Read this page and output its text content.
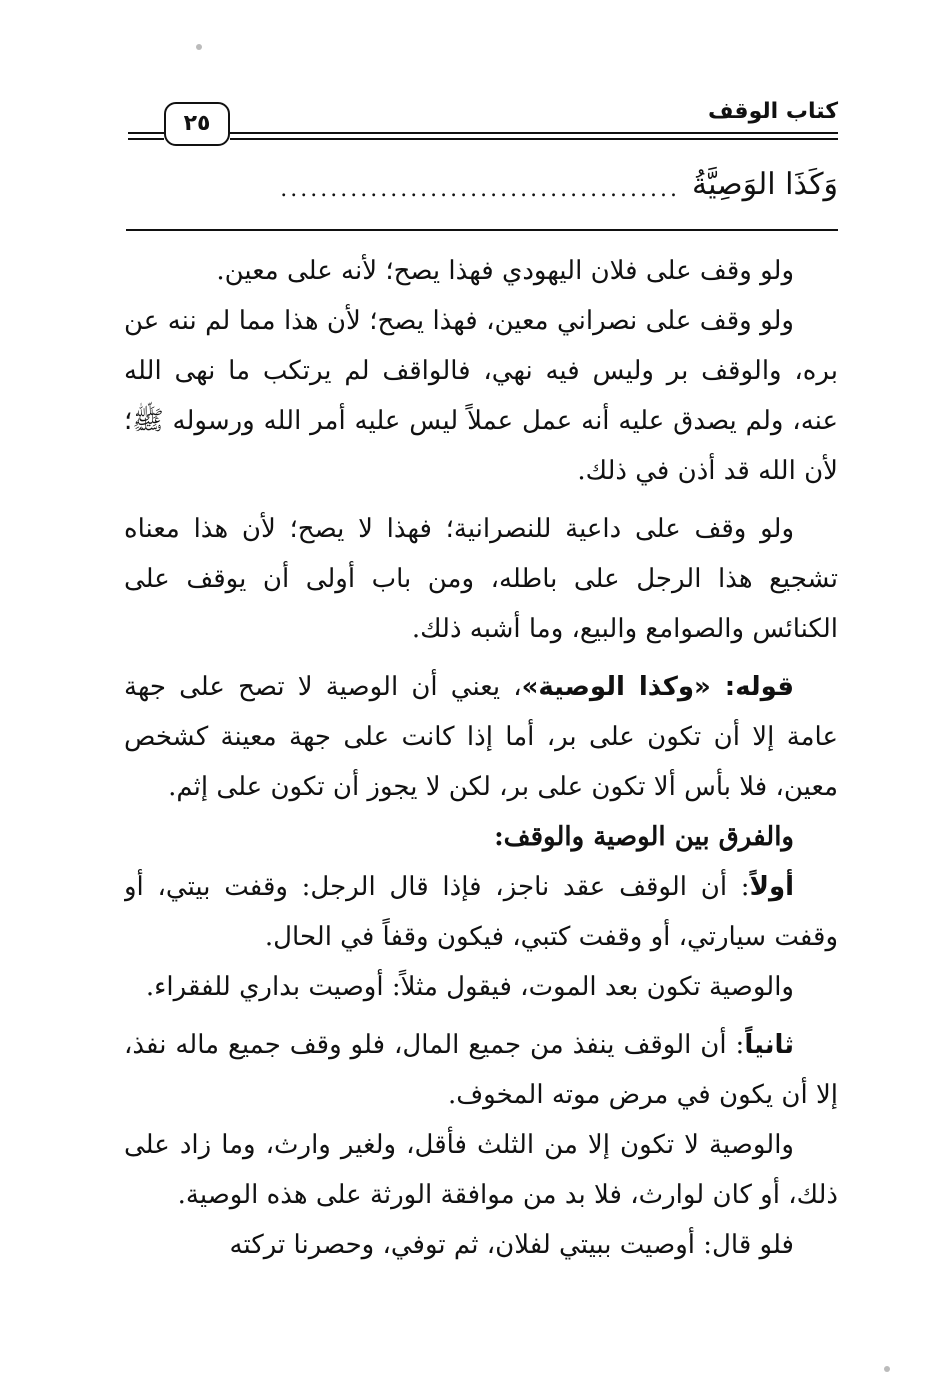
كتاب الوقف
٢٥
وَكَذَا الوَصِيَّةُ
........................................

ولو وقف على فلان اليهودي فهذا يصح؛ لأنه على معين.

ولو وقف على نصراني معين، فهذا يصح؛ لأن هذا مما لم ننه عن بره، والوقف بر وليس فيه نهي، فالواقف لم يرتكب ما نهى الله عنه، ولم يصدق عليه أنه عمل عملاً ليس عليه أمر الله ورسوله ﷺ؛ لأن الله قد أذن في ذلك.

ولو وقف على داعية للنصرانية؛ فهذا لا يصح؛ لأن هذا معناه تشجيع هذا الرجل على باطله، ومن باب أولى أن يوقف على الكنائس والصوامع والبيع، وما أشبه ذلك.

قوله: «وكذا الوصية»، يعني أن الوصية لا تصح على جهة عامة إلا أن تكون على بر، أما إذا كانت على جهة معينة كشخص معين، فلا بأس ألا تكون على بر، لكن لا يجوز أن تكون على إثم.

والفرق بين الوصية والوقف:

أولاً: أن الوقف عقد ناجز، فإذا قال الرجل: وقفت بيتي، أو وقفت سيارتي، أو وقفت كتبي، فيكون وقفاً في الحال.

والوصية تكون بعد الموت، فيقول مثلاً: أوصيت بداري للفقراء.

ثانياً: أن الوقف ينفذ من جميع المال، فلو وقف جميع ماله نفذ، إلا أن يكون في مرض موته المخوف.

والوصية لا تكون إلا من الثلث فأقل، ولغير وارث، وما زاد على ذلك، أو كان لوارث، فلا بد من موافقة الورثة على هذه الوصية.

فلو قال: أوصيت ببيتي لفلان، ثم توفي، وحصرنا تركته
